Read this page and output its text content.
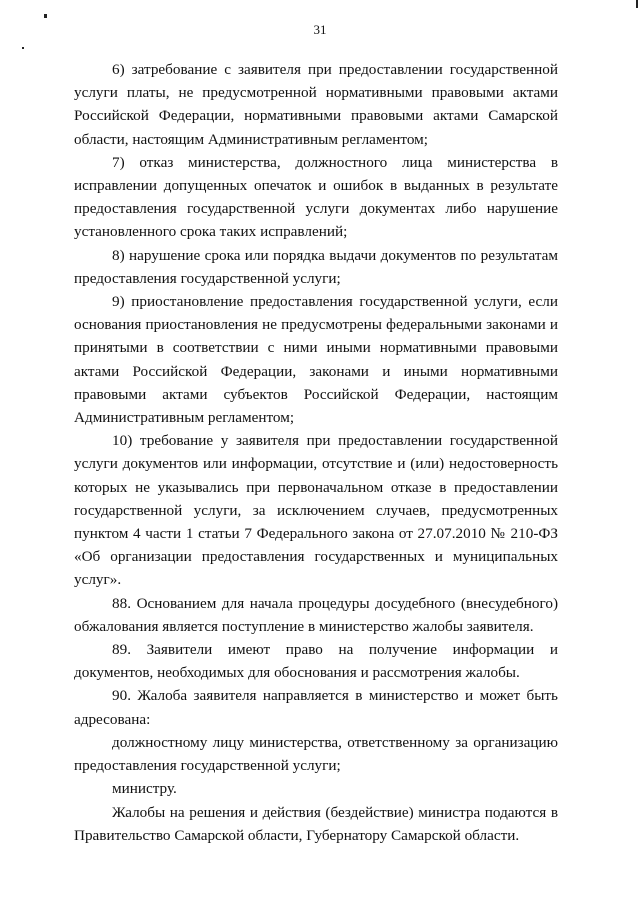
31

6) затребование с заявителя при предоставлении государственной услуги платы, не предусмотренной нормативными правовыми актами Российской Федерации, нормативными правовыми актами Самарской области, настоящим Административным регламентом;

7) отказ министерства, должностного лица министерства в исправлении допущенных опечаток и ошибок в выданных в результате предоставления государственной услуги документах либо нарушение установленного срока таких исправлений;

8) нарушение срока или порядка выдачи документов по результатам предоставления государственной услуги;

9) приостановление предоставления государственной услуги, если основания приостановления не предусмотрены федеральными законами и принятыми в соответствии с ними иными нормативными правовыми актами Российской Федерации, законами и иными нормативными правовыми актами субъектов Российской Федерации, настоящим Административным регламентом;

10) требование у заявителя при предоставлении государственной услуги документов или информации, отсутствие и (или) недостоверность которых не указывались при первоначальном отказе в предоставлении государственной услуги, за исключением случаев, предусмотренных пунктом 4 части 1 статьи 7 Федерального закона от 27.07.2010 № 210-ФЗ «Об организации предоставления государственных и муниципальных услуг».

88. Основанием для начала процедуры досудебного (внесудебного) обжалования является поступление в министерство жалобы заявителя.

89. Заявители имеют право на получение информации и документов, необходимых для обоснования и рассмотрения жалобы.

90. Жалоба заявителя направляется в министерство и может быть адресована:

должностному лицу министерства, ответственному за организацию предоставления государственной услуги;

министру.

Жалобы на решения и действия (бездействие) министра подаются в Правительство Самарской области, Губернатору Самарской области.
